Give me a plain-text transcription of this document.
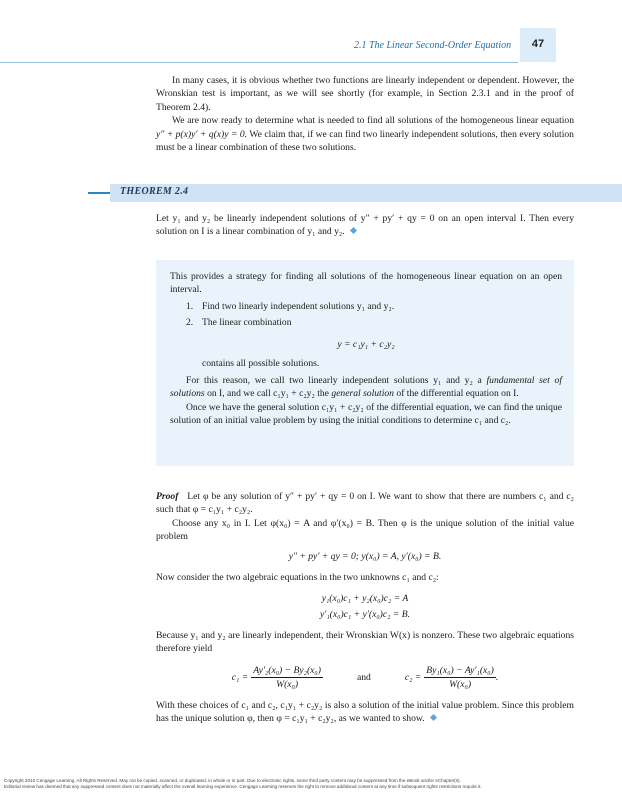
47
2.1 The Linear Second-Order Equation

In many cases, it is obvious whether two functions are linearly independent or dependent. However, the Wronskian test is important, as we will see shortly (for example, in Section 2.3.1 and in the proof of Theorem 2.4).

We are now ready to determine what is needed to find all solutions of the homogeneous linear equation y″ + p(x)y′ + q(x)y = 0. We claim that, if we can find two linearly independent solutions, then every solution must be a linear combination of these two solutions.

THEOREM 2.4

Let y₁ and y₂ be linearly independent solutions of y″ + py′ + qy = 0 on an open interval I. Then every solution on I is a linear combination of y₁ and y₂.

This provides a strategy for finding all solutions of the homogeneous linear equation on an open interval.

1. Find two linearly independent solutions y₁ and y₂.
2. The linear combination

y = c₁y₁ + c₂y₂

contains all possible solutions.

For this reason, we call two linearly independent solutions y₁ and y₂ a fundamental set of solutions on I, and we call c₁y₁ + c₂y₂ the general solution of the differential equation on I.

Once we have the general solution c₁y₁ + c₂y₂ of the differential equation, we can find the unique solution of an initial value problem by using the initial conditions to determine c₁ and c₂.

Proof Let φ be any solution of y″ + py′ + qy = 0 on I. We want to show that there are numbers c₁ and c₂ such that φ = c₁y₁ + c₂y₂.

Choose any x₀ in I. Let φ(x₀) = A and φ′(x₀) = B. Then φ is the unique solution of the initial value problem

y″ + py′ + qy = 0; y(x₀) = A, y′(x₀) = B.

Now consider the two algebraic equations in the two unknowns c₁ and c₂:

y₁(x₀)c₁ + y₂(x₀)c₂ = A

y′₁(x₀)c₁ + y′(x₀)c₂ = B.

Because y₁ and y₂ are linearly independent, their Wronskian W(x) is nonzero. These two algebraic equations therefore yield

$c_1 = \frac{\text{Ay′₂(x₀) − By₂(x₀)}}{\text{W(x₀)}}$	and	$c_2 = \frac{\text{By₁(x₀) − Ay′₁(x₀)}}{\text{W(x₀)}}$ .

With these choices of c₁ and c₂, c₁y₁ + c₂y₂ is also a solution of the initial value problem. Since this problem has the unique solution φ, then φ = c₁y₁ + c₂y₂, as we wanted to show.

Copyright 2010 Cengage Learning. All Rights Reserved. May not be copied, scanned, or duplicated, in whole or in part. Due to electronic rights, some third party content may be suppressed from the eBook and/or eChapter(s).
Editorial review has deemed that any suppressed content does not materially affect the overall learning experience. Cengage Learning reserves the right to remove additional content at any time if subsequent rights restrictions require it.
